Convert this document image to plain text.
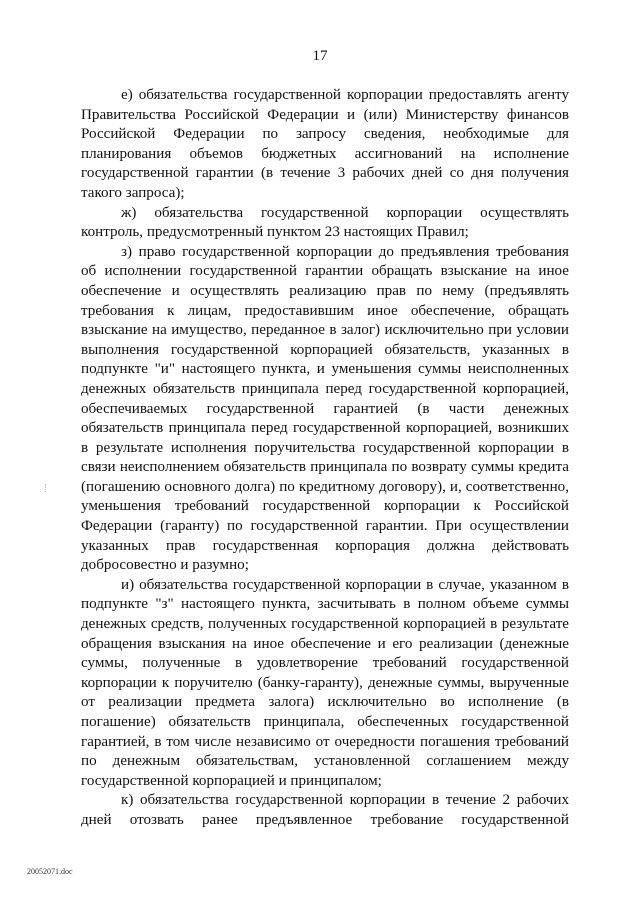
17

е) обязательства государственной корпорации предоставлять агенту Правительства Российской Федерации и (или) Министерству финансов Российской Федерации по запросу сведения, необходимые для планирования объемов бюджетных ассигнований на исполнение государственной гарантии (в течение 3 рабочих дней со дня получения такого запроса);

ж) обязательства государственной корпорации осуществлять контроль, предусмотренный пунктом 23 настоящих Правил;

з) право государственной корпорации до предъявления требования об исполнении государственной гарантии обращать взыскание на иное обеспечение и осуществлять реализацию прав по нему (предъявлять требования к лицам, предоставившим иное обеспечение, обращать взыскание на имущество, переданное в залог) исключительно при условии выполнения государственной корпорацией обязательств, указанных в подпункте "и" настоящего пункта, и уменьшения суммы неисполненных денежных обязательств принципала перед государственной корпорацией, обеспечиваемых государственной гарантией (в части денежных обязательств принципала перед государственной корпорацией, возникших в результате исполнения поручительства государственной корпорации в связи неисполнением обязательств принципала по возврату суммы кредита (погашению основного долга) по кредитному договору), и, соответственно, уменьшения требований государственной корпорации к Российской Федерации (гаранту) по государственной гарантии. При осуществлении указанных прав государственная корпорация должна действовать добросовестно и разумно;

и) обязательства государственной корпорации в случае, указанном в подпункте "з" настоящего пункта, засчитывать в полном объеме суммы денежных средств, полученных государственной корпорацией в результате обращения взыскания на иное обеспечение и его реализации (денежные суммы, полученные в удовлетворение требований государственной корпорации к поручителю (банку-гаранту), денежные суммы, вырученные от реализации предмета залога) исключительно во исполнение (в погашение) обязательств принципала, обеспеченных государственной гарантией, в том числе независимо от очередности погашения требований по денежным обязательствам, установленной соглашением между государственной корпорацией и принципалом;

к) обязательства государственной корпорации в течение 2 рабочих дней отозвать ранее предъявленное требование государственной

20052071.doc
